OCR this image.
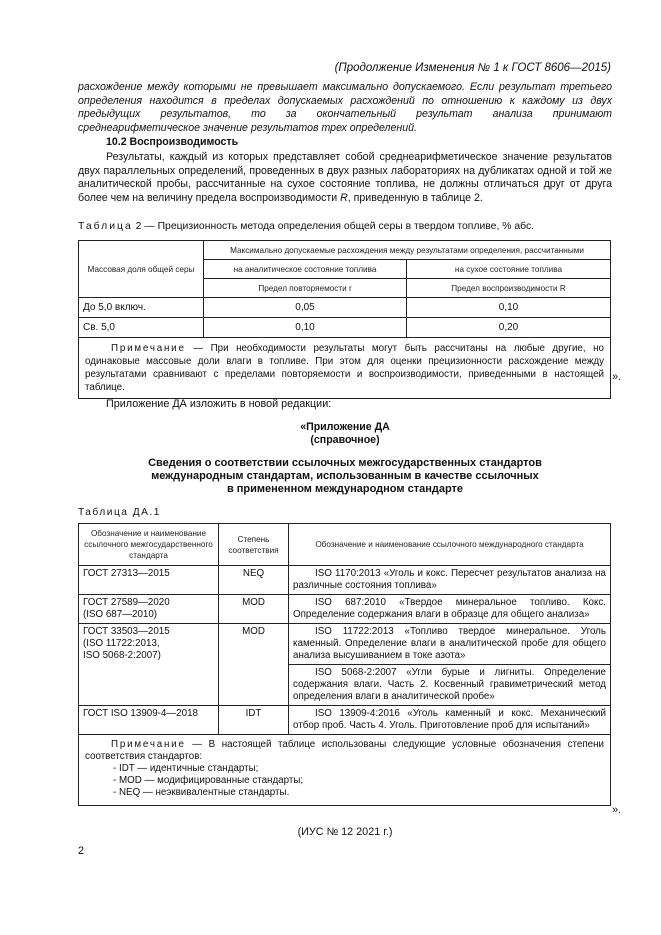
(Продолжение Изменения № 1 к ГОСТ 8606—2015)

расхождение между которыми не превышает максимально допускаемого. Если результат третьего определения находится в пределах допускаемых расхождений по отношению к каждому из двух предыдущих результатов, то за окончательный результат анализа принимают среднеарифметическое значение результатов трех определений.

10.2 Воспроизводимость

Результаты, каждый из которых представляет собой среднеарифметическое значение результатов двух параллельных определений, проведенных в двух разных лабораториях на дубликатах одной и той же аналитической пробы, рассчитанные на сухое состояние топлива, не должны отличаться друг от друга более чем на величину предела воспроизводимости R, приведенную в таблице 2.

Таблица 2 — Прецизионность метода определения общей серы в твердом топливе, % абс.
Массовая доля общей серы	Максимально допускаемые расхождения между результатами определения, рассчитанными	
	на аналитическое состояние топлива	на сухое состояние топлива
	Предел повторяемости r	Предел воспроизводимости R
До 5,0 включ.	0,05	0,10
Св. 5,0	0,10	0,20
Примечание — При необходимости результаты могут быть рассчитаны на любые другие, но одинаковые массовые доли влаги в топливе. При этом для оценки прецизионности расхождение между результатами сравнивают с пределами повторяемости и воспроизводимости, приведенными в настоящей таблице.		
».
Приложение ДА изложить в новой редакции:
«Приложение ДА
(справочное)
Сведения о соответствии ссылочных межгосударственных стандартов
международным стандартам, использованным в качестве ссылочных
в примененном международном стандарте
Таблица ДА.1
Обозначение и наименование ссылочного межгосударственного стандарта	Степень соответствия	Обозначение и наименование ссылочного международного стандарта
ГОСТ 27313—2015	NEQ	ISO 1170:2013 «Уголь и кокс. Пересчет результатов анализа на различные состояния топлива»
ГОСТ 27589—2020
(ISO 687—2010)	MOD	ISO 687:2010 «Твердое минеральное топливо. Кокс. Определение содержания влаги в образце для общего анализа»
ГОСТ 33503—2015
(ISO 11722:2013,
ISO 5068-2:2007)	MOD	ISO 11722:2013 «Топливо твердое минеральное. Уголь каменный. Определение влаги в аналитической пробе для общего анализа высушиванием в токе азота»
		ISO 5068-2:2007 «Угли бурые и лигниты. Определение содержания влаги. Часть 2. Косвенный гравиметрический метод определения влаги в аналитической пробе»
ГОСТ ISO 13909-4—2018	IDT	ISO 13909-4:2016 «Уголь каменный и кокс. Механический отбор проб. Часть 4. Уголь. Приготовление проб для испытаний»

Примечание — В настоящей таблице использованы следующие условные обозначения степени соответствия стандартов:
- IDT — идентичные стандарты;
- MOD — модифицированные стандарты;
- NEQ — неэквивалентные стандарты.		
».
(ИУС № 12 2021 г.)
2
